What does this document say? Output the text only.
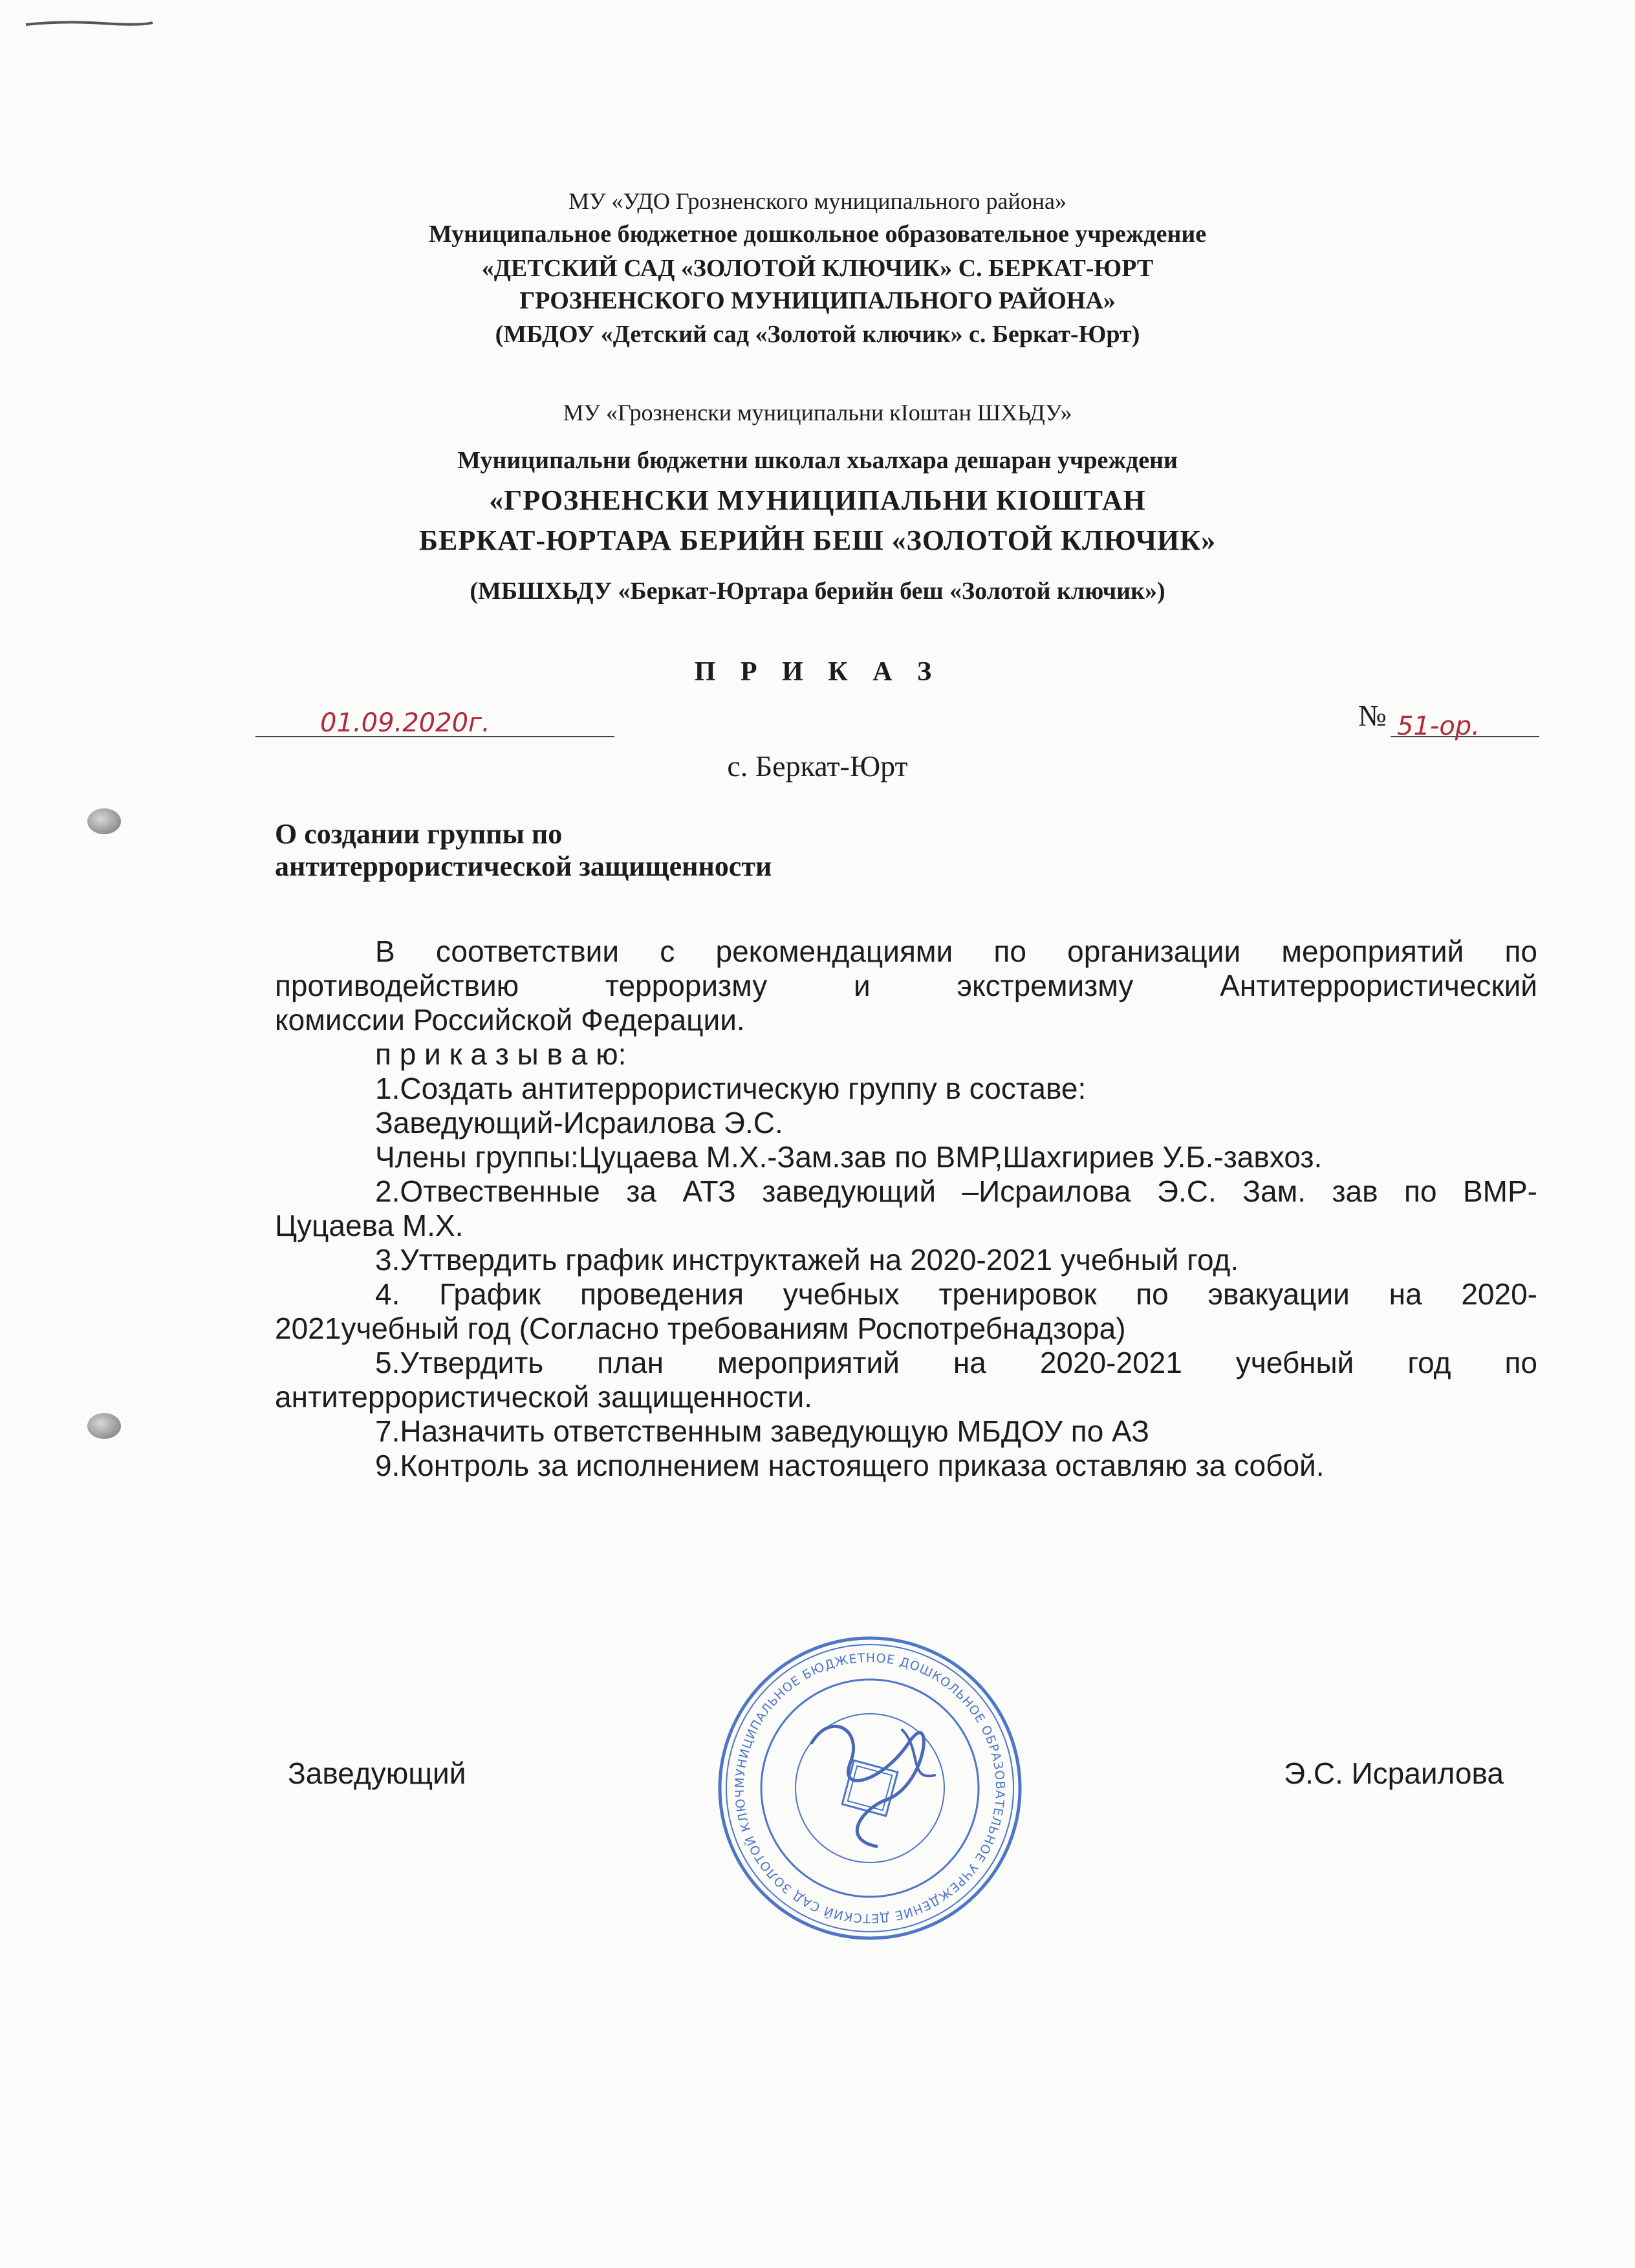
МУ «УДО Грозненского муниципального района»
Муниципальное бюджетное дошкольное образовательное учреждение
«ДЕТСКИЙ САД «ЗОЛОТОЙ КЛЮЧИК» С. БЕРКАТ-ЮРТ
ГРОЗНЕНСКОГО МУНИЦИПАЛЬНОГО РАЙОНА»
(МБДОУ «Детский сад «Золотой ключик» с. Беркат-Юрт)
МУ «Грозненски муниципальни кIоштан ШХЬДУ»
Муниципальни бюджетни школал хьалхара дешаран учреждени
«ГРОЗНЕНСКИ МУНИЦИПАЛЬНИ КIОШТАН
БЕРКАТ-ЮРТАРА БЕРИЙН БЕШ «ЗОЛОТОЙ КЛЮЧИК»
(МБШХЬДУ «Беркат-Юртара берийн беш «Золотой ключик»)
П Р И К А З
01.09.2020г.	№ 51-ор.
с. Беркат-Юрт
О создании группы по
антитеррористической защищенности

В соответствии с рекомендациями по организации мероприятий по

противодействию терроризму и экстремизму Антитеррористический

комиссии Российской Федерации.

п р и к а з ы в а ю:

1.Создать антитеррористическую группу в составе:

Заведующий-Исраилова Э.С.

Члены группы:Цуцаева М.Х.-Зам.зав по ВМР,Шахгириев У.Б.-завхоз.

2.Отвественные за АТЗ заведующий –Исраилова Э.С. Зам. зав по ВМР-

Цуцаева М.Х.

3.Уттвердить график инструктажей на 2020-2021 учебный год.

4. График проведения учебных тренировок по эвакуации на 2020-

2021учебный год (Согласно требованиям Роспотребнадзора)

5.Утвердить план мероприятий на 2020-2021 учебный год по

антитеррористической защищенности.

7.Назначить ответственным заведующую МБДОУ по АЗ

9.Контроль за исполнением настоящего приказа оставляю за собой.

МУНИЦИПАЛЬНОЕ БЮДЖЕТНОЕ ДОШКОЛЬНОЕ ОБРАЗОВАТЕЛЬНОЕ УЧРЕЖДЕНИЕ ДЕТСКИЙ САД ЗОЛОТОЙ КЛЮЧ
Заведующий	Э.С. Исраилова
